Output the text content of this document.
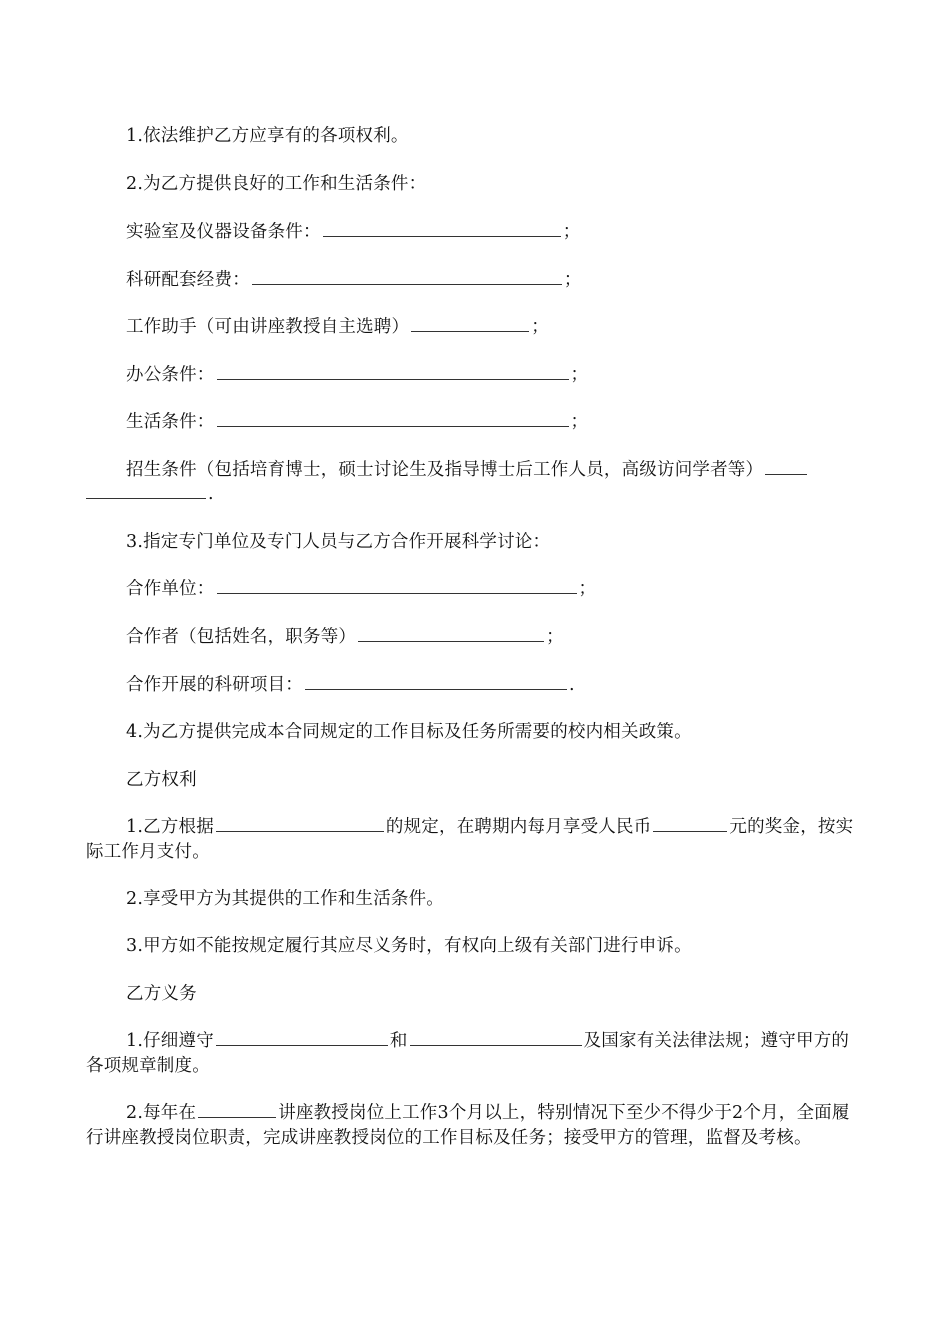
1.依法维护乙方应享有的各项权利。

2.为乙方提供良好的工作和生活条件：

实验室及仪器设备条件：	；

科研配套经费：	；

工作助手（可由讲座教授自主选聘）	；

办公条件：	；

生活条件：	；

招生条件（包括培育博士，硕士讨论生及指导博士后工作人员，高级访问学者等）

.

3.指定专门单位及专门人员与乙方合作开展科学讨论：

合作单位：	；

合作者（包括姓名，职务等）	；

合作开展的科研项目：	.

4.为乙方提供完成本合同规定的工作目标及任务所需要的校内相关政策。

乙方权利

1.乙方根据	的规定，在聘期内每月享受人民币	元的奖金，按实际工作月支付。

2.享受甲方为其提供的工作和生活条件。

3.甲方如不能按规定履行其应尽义务时，有权向上级有关部门进行申诉。

乙方义务

1.仔细遵守	和	及国家有关法律法规；遵守甲方的各项规章制度。

2.每年在	讲座教授岗位上工作3个月以上，特别情况下至少不得少于2个月，全面履行讲座教授岗位职责，完成讲座教授岗位的工作目标及任务；接受甲方的管理，监督及考核。
